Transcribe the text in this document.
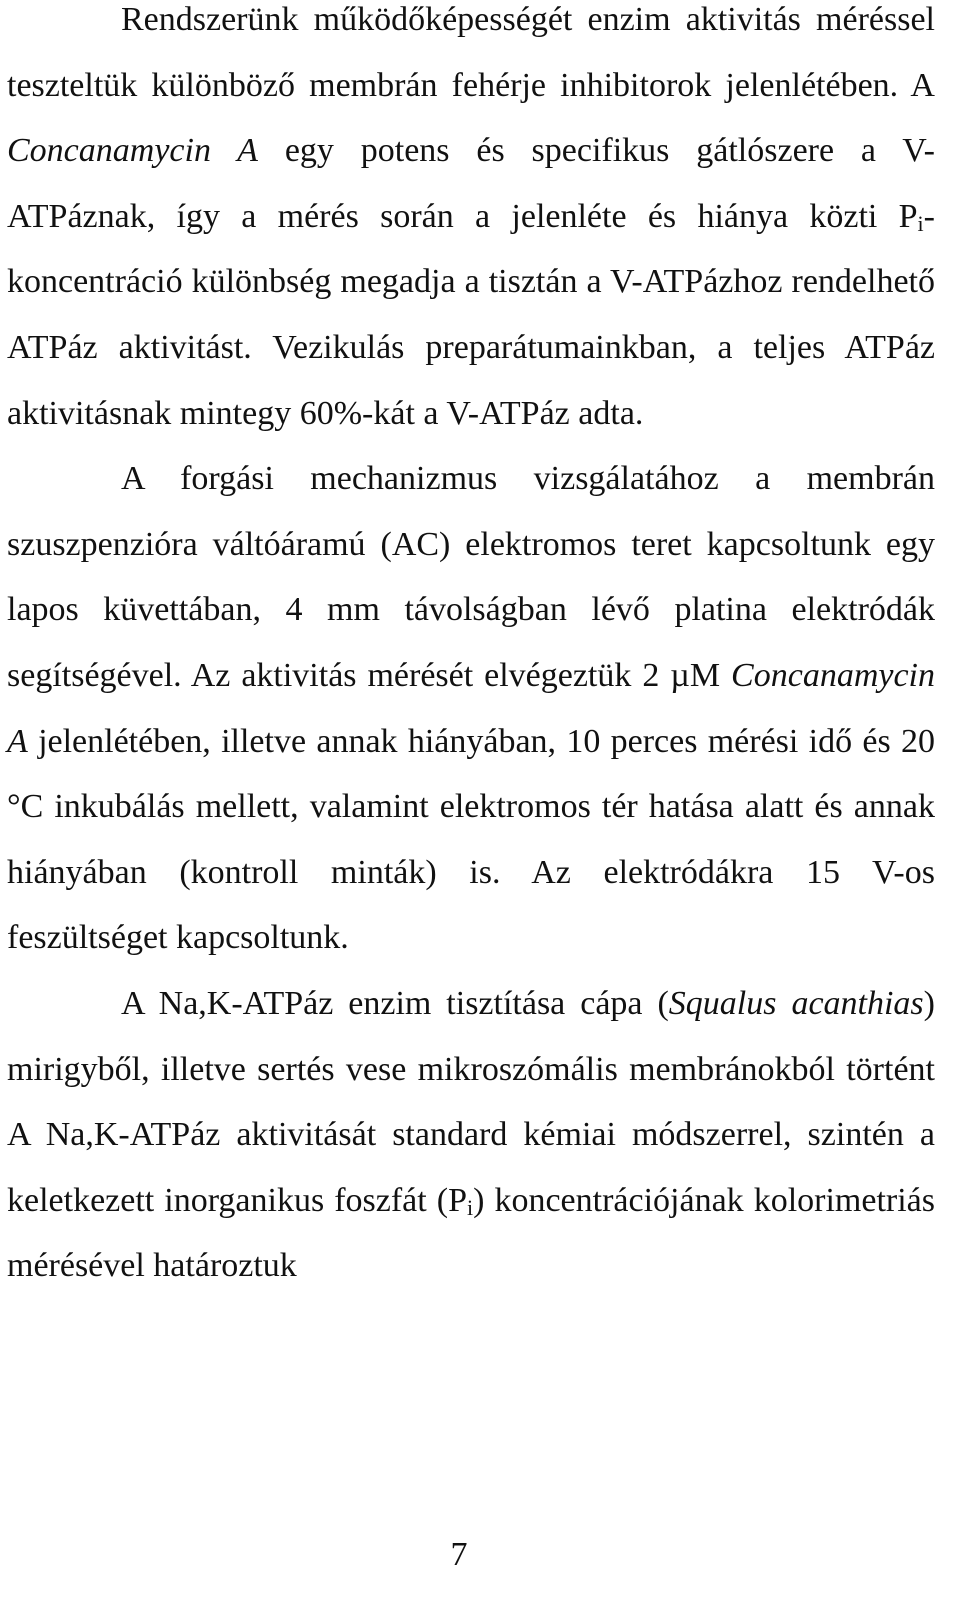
Rendszerünk működőképességét enzim aktivitás méréssel teszteltük különböző membrán fehérje inhibitorok jelenlétében. A Concanamycin A egy potens és specifikus gátlószere a V-ATPáznak, így a mérés során a jelenléte és hiánya közti Pi-koncentráció különbség megadja a tisztán a V-ATPázhoz rendelhető ATPáz aktivitást. Vezikulás preparátumainkban, a teljes ATPáz aktivitásnak mintegy 60%-kát a V-ATPáz adta.

A forgási mechanizmus vizsgálatához a membrán szuszpenzióra váltóáramú (AC) elektromos teret kapcsoltunk egy lapos küvettában, 4 mm távolságban lévő platina elektródák segítségével. Az aktivitás mérését elvégeztük 2 µM Concanamycin A jelenlétében, illetve annak hiányában, 10 perces mérési idő és 20 °C inkubálás mellett, valamint elektromos tér hatása alatt és annak hiányában (kontroll minták) is. Az elektródákra 15 V-os feszültséget kapcsoltunk.

A Na,K-ATPáz enzim tisztítása cápa (Squalus acanthias) mirigyből, illetve sertés vese mikroszómális membránokból történt A Na,K-ATPáz aktivitását standard kémiai módszerrel, szintén a keletkezett inorganikus foszfát (Pi) koncentrációjának kolorimetriás mérésével határoztuk

7
